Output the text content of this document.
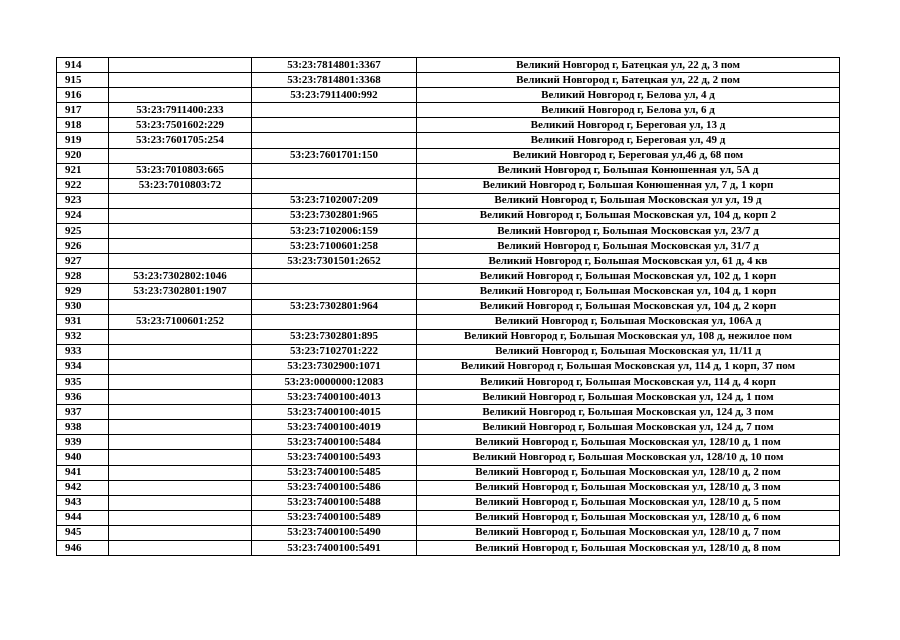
914		53:23:7814801:3367	Великий Новгород г, Батецкая ул, 22 д, 3 пом
915		53:23:7814801:3368	Великий Новгород г, Батецкая ул, 22 д, 2 пом
916		53:23:7911400:992	Великий Новгород г, Белова ул, 4 д
917	53:23:7911400:233		Великий Новгород г, Белова ул, 6 д
918	53:23:7501602:229		Великий Новгород г, Береговая ул, 13 д
919	53:23:7601705:254		Великий Новгород г, Береговая ул, 49 д
920		53:23:7601701:150	Великий Новгород г, Береговая ул,46 д, 68 пом
921	53:23:7010803:665		Великий Новгород г, Большая Конюшенная ул, 5А д
922	53:23:7010803:72		Великий Новгород г, Большая Конюшенная ул, 7 д, 1 корп
923		53:23:7102007:209	Великий Новгород г, Большая Московская ул ул, 19 д
924		53:23:7302801:965	Великий Новгород г, Большая Московская ул, 104 д, корп 2
925		53:23:7102006:159	Великий Новгород г, Большая Московская ул, 23/7 д
926		53:23:7100601:258	Великий Новгород г, Большая Московская ул, 31/7 д
927		53:23:7301501:2652	Великий Новгород г, Большая Московская ул, 61 д, 4 кв
928	53:23:7302802:1046		Великий Новгород г, Большая Московская ул, 102 д, 1 корп
929	53:23:7302801:1907		Великий Новгород г, Большая Московская ул, 104 д, 1 корп
930		53:23:7302801:964	Великий Новгород г, Большая Московская ул, 104 д, 2 корп
931	53:23:7100601:252		Великий Новгород г, Большая Московская ул, 106А д
932		53:23:7302801:895	Великий Новгород г, Большая Московская ул, 108 д, нежилое пом
933		53:23:7102701:222	Великий Новгород г, Большая Московская ул, 11/11 д
934		53:23:7302900:1071	Великий Новгород г, Большая Московская ул, 114 д, 1 корп, 37 пом
935		53:23:0000000:12083	Великий Новгород г, Большая Московская ул, 114 д, 4 корп
936		53:23:7400100:4013	Великий Новгород г, Большая Московская ул, 124 д, 1 пом
937		53:23:7400100:4015	Великий Новгород г, Большая Московская ул, 124 д, 3 пом
938		53:23:7400100:4019	Великий Новгород г, Большая Московская ул, 124 д, 7 пом
939		53:23:7400100:5484	Великий Новгород г, Большая Московская ул, 128/10 д, 1 пом
940		53:23:7400100:5493	Великий Новгород г, Большая Московская ул, 128/10 д, 10 пом
941		53:23:7400100:5485	Великий Новгород г, Большая Московская ул, 128/10 д, 2 пом
942		53:23:7400100:5486	Великий Новгород г, Большая Московская ул, 128/10 д, 3 пом
943		53:23:7400100:5488	Великий Новгород г, Большая Московская ул, 128/10 д, 5 пом
944		53:23:7400100:5489	Великий Новгород г, Большая Московская ул, 128/10 д, 6 пом
945		53:23:7400100:5490	Великий Новгород г, Большая Московская ул, 128/10 д, 7 пом
946		53:23:7400100:5491	Великий Новгород г, Большая Московская ул, 128/10 д, 8 пом
